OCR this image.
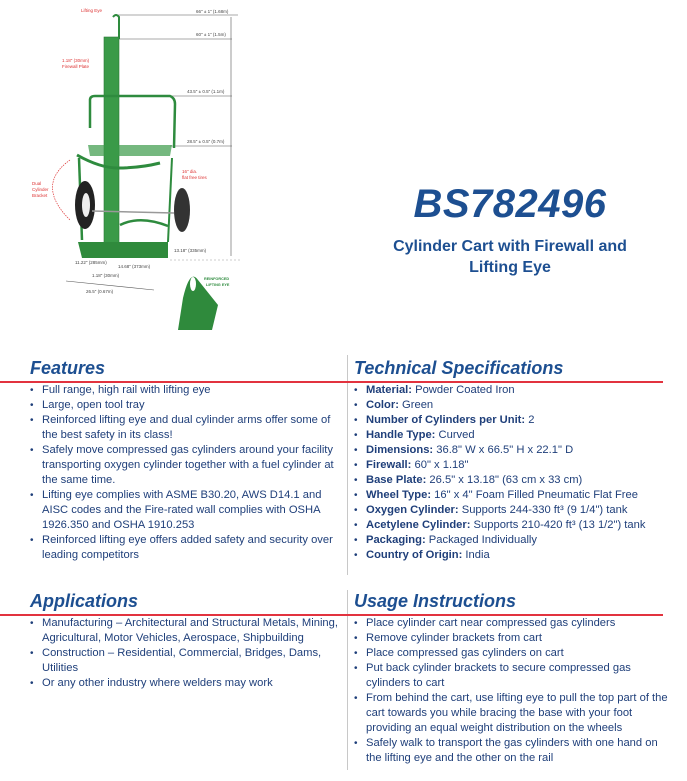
66" ± 1" (1.68m)
60" ± 1" (1.5m)
43.5" ± 0.5" (1.1m)
28.5" ± 0.5" (0.7m)
13.18" (335mm)
11.22" (285mm)
14.68" (373mm)
1.18" (30mm)
26.5" (0.67m)
Lifting Eye
1.18" (30mm)
Firewall Plate
Dual
Cylinder
Bracket
16" dia.
flat free tires
REINFORCED
LIFTING EYE
BS782496
Cylinder Cart with Firewall and
Lifting Eye
Features
• Full range, high rail with lifting eye
• Large, open tool tray
• Reinforced lifting eye and dual cylinder arms offer some of the best safety in its class!
• Safely move compressed gas cylinders around your facility transporting oxygen cylinder together with a fuel cylinder at the same time.
• Lifting eye complies with ASME B30.20, AWS D14.1 and AISC codes and the Fire-rated wall complies with OSHA 1926.350 and OSHA 1910.253
• Reinforced lifting eye offers added safety and security over leading competitors
Technical Specifications
• Material: Powder Coated Iron
• Color: Green
• Number of Cylinders per Unit: 2
• Handle Type: Curved
• Dimensions: 36.8" W x 66.5" H x 22.1" D
• Firewall: 60" x 1.18"
• Base Plate: 26.5" x 13.18" (63 cm x 33 cm)
• Wheel Type: 16" x 4" Foam Filled Pneumatic Flat Free
• Oxygen Cylinder: Supports 244-330 ft³ (9 1/4") tank
• Acetylene Cylinder: Supports 210-420 ft³ (13 1/2") tank
• Packaging: Packaged Individually
• Country of Origin: India
Applications
• Manufacturing – Architectural and Structural Metals, Mining, Agricultural, Motor Vehicles, Aerospace, Shipbuilding
• Construction – Residential, Commercial, Bridges, Dams, Utilities
• Or any other industry where welders may work
Usage Instructions
• Place cylinder cart near compressed gas cylinders
• Remove cylinder brackets from cart
• Place compressed gas cylinders on cart
• Put back cylinder brackets to secure compressed gas cylinders to cart
• From behind the cart, use lifting eye to pull the top part of the cart towards you while bracing the base with your foot providing an equal weight distribution on the wheels
• Safely walk to transport the gas cylinders with one hand on the lifting eye and the other on the rail
